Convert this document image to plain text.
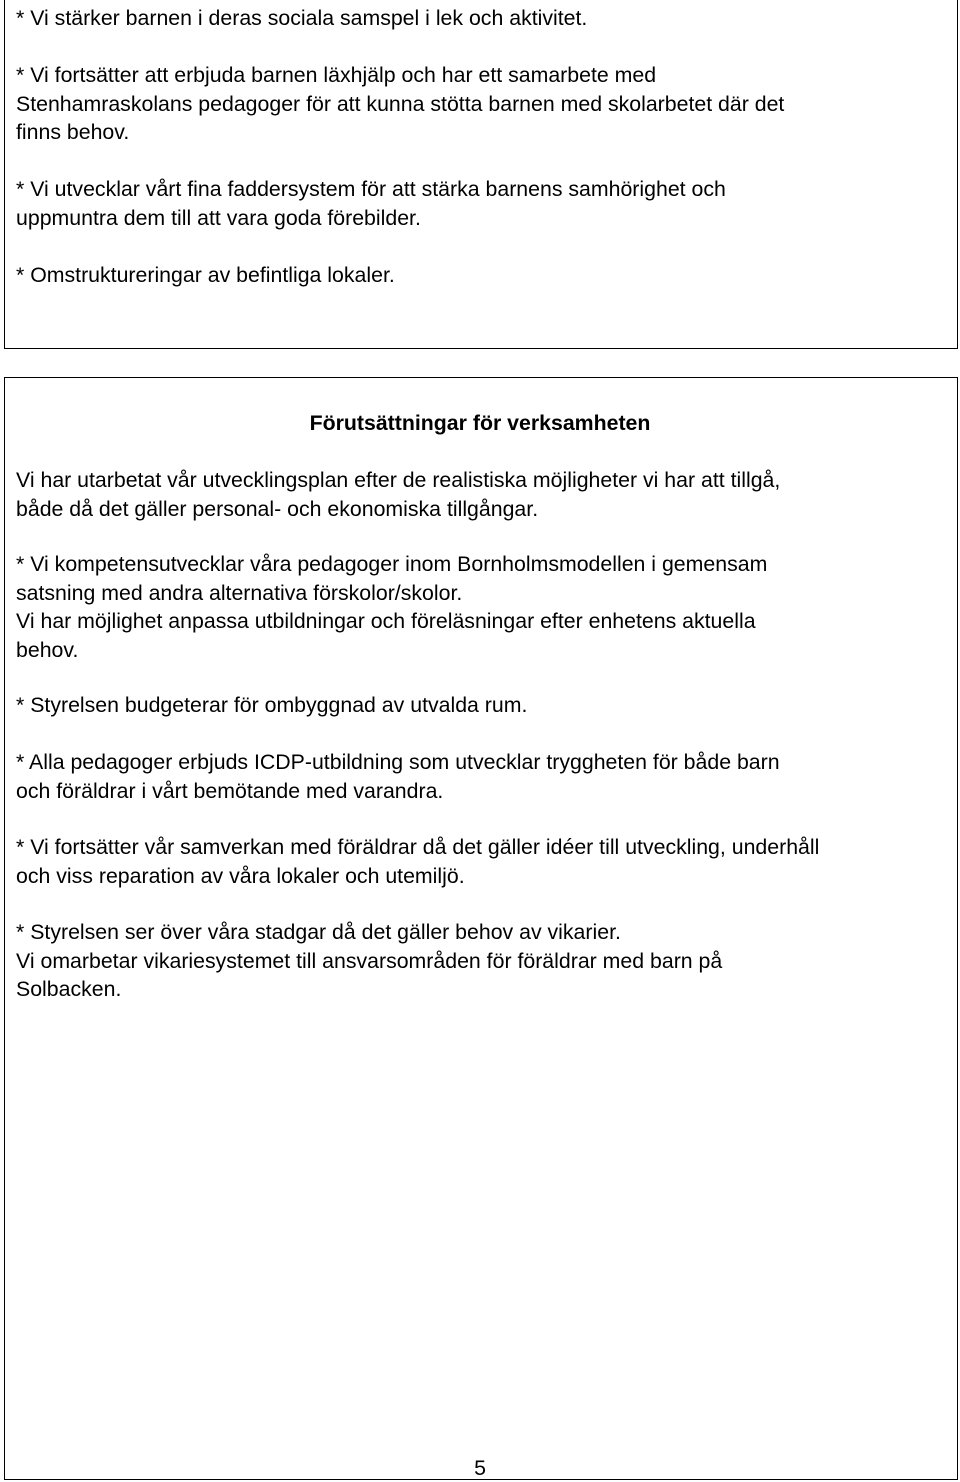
* Vi stärker barnen i deras sociala samspel i lek och aktivitet.
* Vi fortsätter att erbjuda barnen läxhjälp och har ett samarbete med
Stenhamraskolans pedagoger för att kunna stötta barnen med skolarbetet där det
finns behov.
* Vi utvecklar vårt fina faddersystem för att stärka barnens samhörighet och
uppmuntra dem till att vara goda förebilder.
* Omstruktureringar av befintliga lokaler.
Förutsättningar för verksamheten
Vi har utarbetat vår utvecklingsplan efter de realistiska möjligheter vi har att tillgå,
både då det gäller personal- och ekonomiska tillgångar.
* Vi kompetensutvecklar våra pedagoger inom Bornholmsmodellen i gemensam
satsning med andra alternativa förskolor/skolor.
Vi har möjlighet anpassa utbildningar och föreläsningar efter enhetens aktuella
behov.
* Styrelsen budgeterar för ombyggnad av utvalda rum.
* Alla pedagoger erbjuds ICDP-utbildning som utvecklar tryggheten för både barn
och föräldrar i vårt bemötande med varandra.
* Vi fortsätter vår samverkan med föräldrar då det gäller idéer till utveckling, underhåll
och viss reparation av våra lokaler och utemiljö.
* Styrelsen ser över våra stadgar då det gäller behov av vikarier.
Vi omarbetar vikariesystemet till ansvarsområden för föräldrar med barn på
Solbacken.
5
